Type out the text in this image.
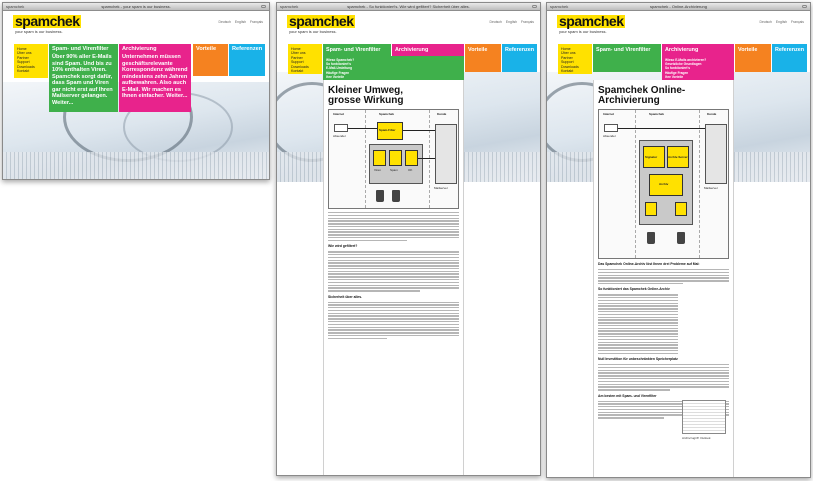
spamchek	spamchek - your spam is our business.
spamchek
your spam is our business.
Deutsch English Français
Home
Über uns
Partner
Support
Downloads
Kontakt
Spam- und Virenfilter
Über 90% aller E-Mails sind Spam. Und bis zu 10% enthalten Viren. Spamchek sorgt dafür, dass Spam und Viren gar nicht erst auf Ihren Mailserver gelangen. Weiter...
Archivierung
Unternehmen müssen geschäftsrelevante Korrespondenz während mindestens zehn Jahren aufbewahren. Also auch E-Mail. Wir machen es Ihnen einfacher. Weiter...
Vorteile	Referenzen
spamchek	spamchek - So funktioniert's. Wie wird gefiltert? Sicherheit über alles.
spamchek
your spam is our business.
Deutsch English Français
Home
Über uns
Partner
Support
Downloads
Kontakt
Spam- und Virenfilter	Archivierung	Vorteile	Referenzen
Wieso Spamchek?
So funktioniert's
E-Mail-Umleitung
Häufige Fragen
Ihre Vorteile
Kleiner Umweg, grosse Wirkung
Internet	Spamchek	Kunde
Absender
Spam-Filter
Viren	Spam	OK
Mailserver
Wie wird gefiltert?
Sicherheit über alles.
spamchek	spamchek - Online-Archivierung
spamchek
your spam is our business.
Deutsch English Français
Home
Über uns
Partner
Support
Downloads
Kontakt
Spam- und Virenfilter	Archivierung	Vorteile	Referenzen
Wieso E-Mails archivieren?
Gesetzliche Grundlagen
So funktioniert's
Häufige Fragen
Ihre Vorteile
Spamchek Online-Archivierung
Internet	Spamchek	Kunde
Absender
Signatur	Archiv-Server
Archiv
Mailserver
Das Spamchek Online-Archiv löst Ihnen drei Probleme auf Mal:
So funktioniert das Spamchek Online-Archiv
Archivzugriff: Outlook
Null Investition für unbeschränkten Speicherplatz
Am besten mit Spam- und Virenfilter
